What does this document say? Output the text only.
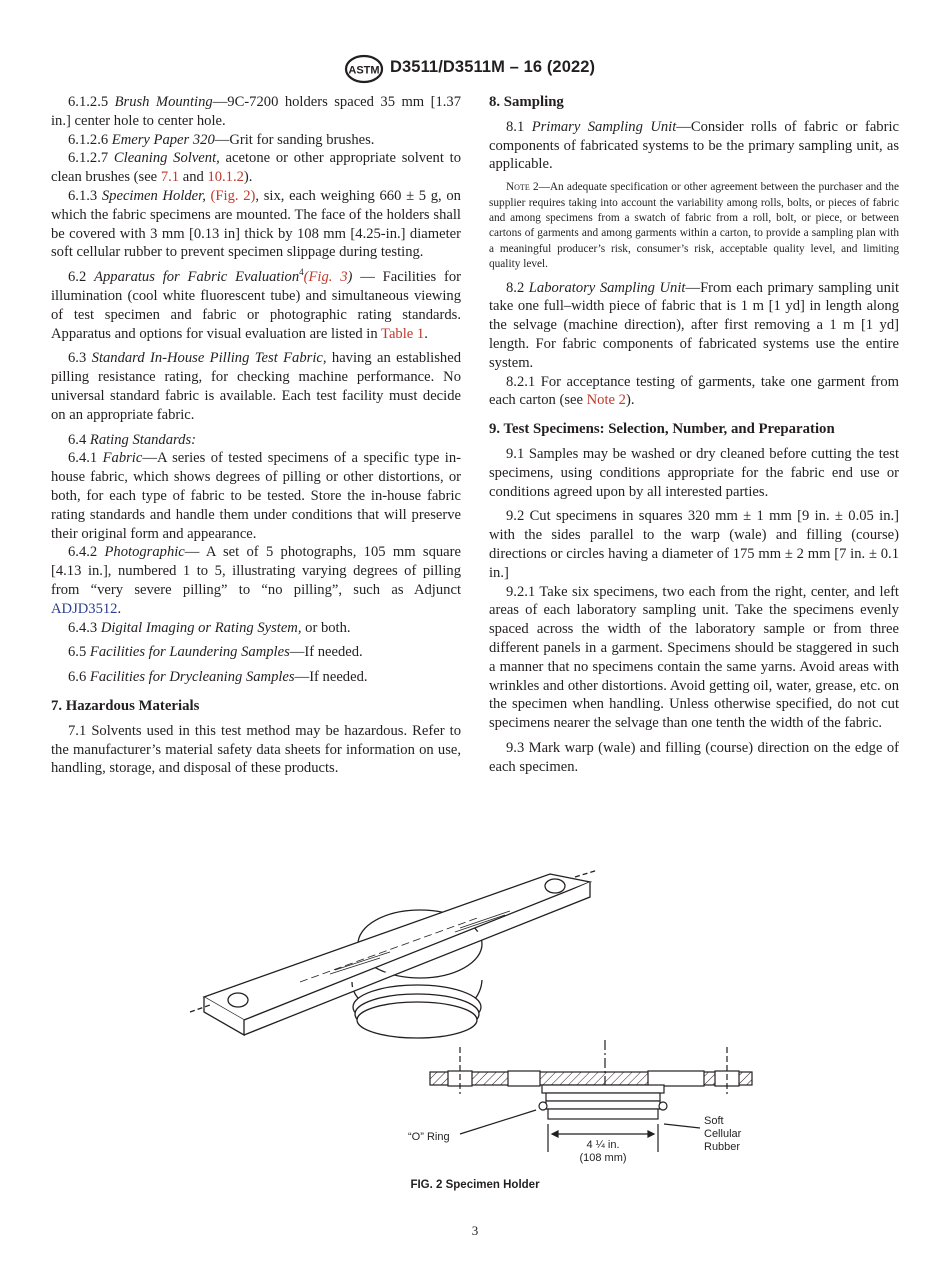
ASTM D3511/D3511M – 16 (2022)

6.1.2.5 Brush Mounting—9C-7200 holders spaced 35 mm [1.37 in.] center hole to center hole.

6.1.2.6 Emery Paper 320—Grit for sanding brushes.

6.1.2.7 Cleaning Solvent, acetone or other appropriate solvent to clean brushes (see 7.1 and 10.1.2).

6.1.3 Specimen Holder, (Fig. 2), six, each weighing 660 ± 5 g, on which the fabric specimens are mounted. The face of the holders shall be covered with 3 mm [0.13 in] thick by 108 mm [4.25-in.] diameter soft cellular rubber to prevent specimen slippage during testing.

6.2 Apparatus for Fabric Evaluation$^4$(Fig. 3) — Facilities for illumination (cool white fluorescent tube) and simultaneous viewing of test specimen and fabric or photographic rating standards. Apparatus and options for visual evaluation are listed in Table 1.

6.3 Standard In-House Pilling Test Fabric, having an established pilling resistance rating, for checking machine performance. No universal standard fabric is available. Each test facility must decide on an appropriate fabric.

6.4 Rating Standards:

6.4.1 Fabric—A series of tested specimens of a specific type in-house fabric, which shows degrees of pilling or other distortions, or both, for each type of fabric to be tested. Store the in-house fabric rating standards and handle them under conditions that will preserve their original form and appearance.

6.4.2 Photographic— A set of 5 photographs, 105 mm square [4.13 in.], numbered 1 to 5, illustrating varying degrees of pilling from “very severe pilling” to “no pilling”, such as Adjunct ADJD3512.

6.4.3 Digital Imaging or Rating System, or both.

6.5 Facilities for Laundering Samples—If needed.

6.6 Facilities for Drycleaning Samples—If needed.

7. Hazardous Materials

7.1 Solvents used in this test method may be hazardous. Refer to the manufacturer’s material safety data sheets for information on use, handling, storage, and disposal of these products.

8. Sampling

8.1 Primary Sampling Unit—Consider rolls of fabric or fabric components of fabricated systems to be the primary sampling unit, as applicable.

Note 2—An adequate specification or other agreement between the purchaser and the supplier requires taking into account the variability among rolls, bolts, or pieces of fabric and among specimens from a swatch of fabric from a roll, bolt, or piece, or between cartons of garments and among garments within a carton, to provide a sampling plan with a meaningful producer’s risk, consumer’s risk, acceptable quality level, and limiting quality level.

8.2 Laboratory Sampling Unit—From each primary sampling unit take one full–width piece of fabric that is 1 m [1 yd] in length along the selvage (machine direction), after first removing a 1 m [1 yd] length. For fabric components of fabricated systems use the entire system.

8.2.1 For acceptance testing of garments, take one garment from each carton (see Note 2).

9. Test Specimens: Selection, Number, and Preparation

9.1 Samples may be washed or dry cleaned before cutting the test specimens, using conditions appropriate for the fabric end use or conditions agreed upon by all interested parties.

9.2 Cut specimens in squares 320 mm ± 1 mm [9 in. ± 0.05 in.] with the sides parallel to the warp (wale) and filling (course) directions or circles having a diameter of 175 mm ± 2 mm [7 in. ± 0.1 in.]

9.2.1 Take six specimens, two each from the right, center, and left areas of each laboratory sampling unit. Take the specimens evenly spaced across the width of the laboratory sample or from three different panels in a garment. Specimens should be staggered in such a manner that no specimens contain the same yarns. Avoid areas with wrinkles and other distortions. Avoid getting oil, water, grease, etc. on the specimen when handling. Unless otherwise specified, do not cut specimens nearer the selvage than one tenth the width of the fabric.

9.3 Mark warp (wale) and filling (course) direction on the edge of each specimen.

“O” Ring
Soft
Cellular
Rubber
4 ¼ in.
(108 mm)
FIG. 2 Specimen Holder
3
